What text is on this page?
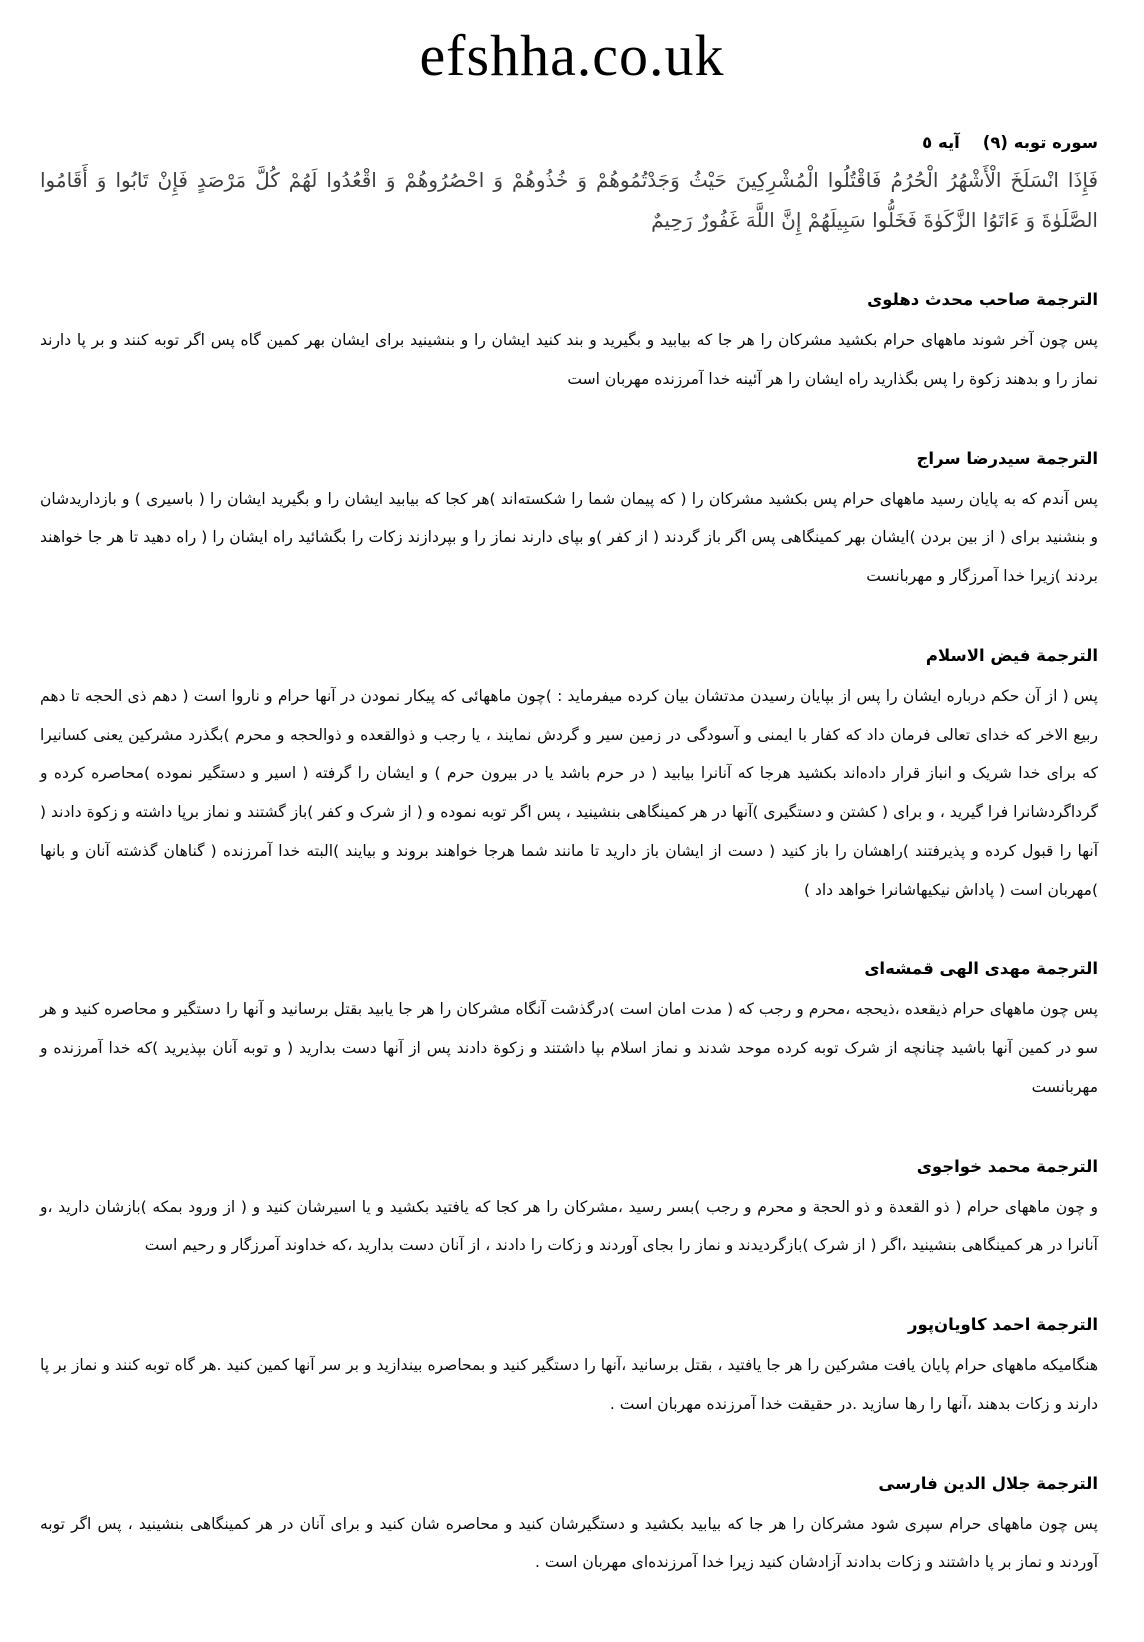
efshha.co.uk
سوره توبه (٩)    آیه ٥
فَإِذَا انْسَلَخَ الْأَشْهُرُ الْحُرُمُ فَاقْتُلُوا الْمُشْرِكِينَ حَيْثُ وَجَدْتُمُوهُمْ وَ خُذُوهُمْ وَ احْصُرُوهُمْ وَ اقْعُدُوا لَهُمْ كُلَّ مَرْصَدٍ فَإِنْ تَابُوا وَ أَقَامُوا الصَّلَوٰةَ وَ ءَاتَوُا الزَّكَوٰةَ فَخَلُّوا سَبِيلَهُمْ إِنَّ اللَّهَ غَفُورٌ رَحِيمٌ
الترجمة صاحب محدث دهلوی

پس چون آخر شوند ماههای حرام بکشید مشرکان را هر جا که بیابید و بگیرید و بند کنید ایشان را و بنشینید برای ایشان بهر کمین گاه پس اگر توبه کنند و بر پا دارند نماز را و بدهند زکوة را پس بگذارید راه ایشان را هر آئینه خدا آمرزنده مهربان است

الترجمة سیدرضا سراج

پس آندم که به پایان رسید ماههای حرام پس بکشید مشرکان را ( که پیمان شما را شکسته‌اند )هر کجا که بیابید ایشان را و بگیرید ایشان را ( باسیری ) و بازداریدشان و بنشنید برای ( از بین بردن )ایشان بهر کمینگاهی پس اگر باز گردند ( از کفر )و بپای دارند نماز را و بپردازند زکات را بگشائید راه ایشان را ( راه دهید تا هر جا خواهند بردند )زیرا خدا آمرزگار و مهربانست

الترجمة فیض الاسلام

پس ( از آن حکم درباره ایشان را پس از بپایان رسیدن مدتشان بیان کرده میفرماید : )چون ماههائی که پیکار نمودن در آنها حرام و ناروا است ( دهم ذی الحجه تا دهم ربیع الاخر که خدای تعالی فرمان داد که کفار با ایمنی و آسودگی در زمین سیر و گردش نمایند ، یا رجب و ذوالقعده و ذوالحجه و محرم )بگذرد مشرکین یعنی کسانیرا که برای خدا شریک و انباز قرار داده‌اند بکشید هرجا که آنانرا بیابید ( در حرم باشد یا در بیرون حرم ) و ایشان را گرفته ( اسیر و دستگیر نموده )محاصره کرده و گرداگردشانرا فرا گیرید ، و برای ( کشتن و دستگیری )آنها در هر کمینگاهی بنشینید ، پس اگر توبه نموده و ( از شرک و کفر )باز گشتند و نماز برپا داشته و زکوة دادند ( آنها را قبول کرده و پذیرفتند )راهشان را باز کنید ( دست از ایشان باز دارید تا مانند شما هرجا خواهند بروند و بیایند )البته خدا آمرزنده ( گناهان گذشته آنان و بانها )مهربان است ( پاداش نیکیهاشانرا خواهد داد )

الترجمة مهدی الهی قمشه‌ای

پس چون ماههای حرام ذیقعده ،ذیحجه ،محرم و رجب که ( مدت امان است )درگذشت آنگاه مشرکان را هر جا یابید بقتل برسانید و آنها را دستگیر و محاصره کنید و هر سو در کمین آنها باشید چنانچه از شرک توبه کرده موحد شدند و نماز اسلام بپا داشتند و زکوة دادند پس از آنها دست بدارید ( و توبه آنان بپذیرید )که خدا آمرزنده و مهربانست

الترجمة محمد خواجوی

و چون ماههای حرام ( ذو القعدة و ذو الحجة و محرم و رجب )بسر رسید ،مشرکان را هر کجا که یافتید بکشید و یا اسیرشان کنید و ( از ورود بمکه )بازشان دارید ،و آنانرا در هر کمینگاهی بنشینید ،اگر ( از شرک )بازگردیدند و نماز را بجای آوردند و زکات را دادند ، از آنان دست بدارید ،که خداوند آمرزگار و رحیم است

الترجمة احمد کاویان‌پور

هنگامیکه ماههای حرام پایان یافت مشرکین را هر جا یافتید ، بقتل برسانید ،آنها را دستگیر کنید و بمحاصره بیندازید و بر سر آنها کمین کنید .هر گاه توبه کنند و نماز بر پا دارند و زکات بدهند ،آنها را رها سازید .در حقیقت خدا آمرزنده مهربان است .

الترجمة جلال الدین فارسی

پس چون ماههای حرام سپری شود مشرکان را هر جا که بیابید بکشید و دستگیرشان کنید و محاصره شان کنید و برای آنان در هر کمینگاهی بنشینید ، پس اگر توبه آوردند و نماز بر پا داشتند و زکات بدادند آزادشان کنید زیرا خدا آمرزنده‌ای مهربان است .
